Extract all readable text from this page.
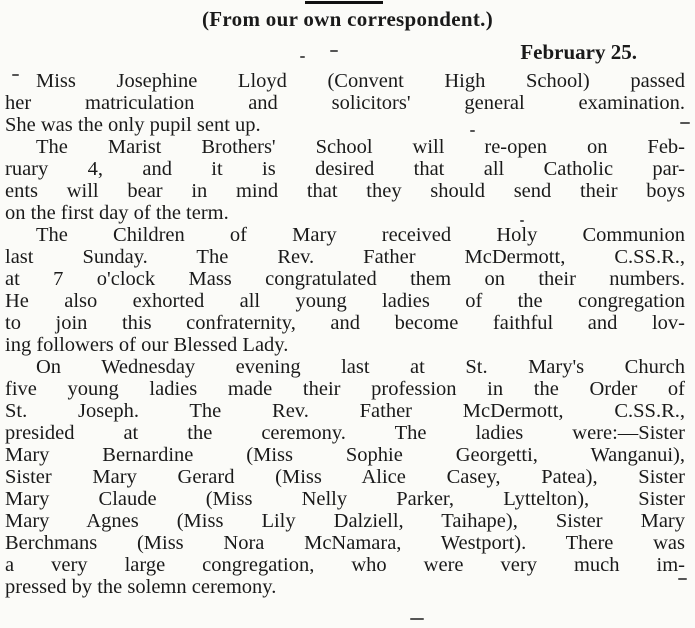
(From our own correspondent.)
February 25.
Miss Josephine Lloyd (Convent High School) passed
her matriculation and solicitors' general examination.
She was the only pupil sent up.
The Marist Brothers' School will re-open on Feb-
ruary 4, and it is desired that all Catholic par-
ents will bear in mind that they should send their boys
on the first day of the term.
The Children of Mary received Holy Communion
last Sunday. The Rev. Father McDermott, C.SS.R.,
at 7 o'clock Mass congratulated them on their numbers.
He also exhorted all young ladies of the congregation
to join this confraternity, and become faithful and lov-
ing followers of our Blessed Lady.
On Wednesday evening last at St. Mary's Church
five young ladies made their profession in the Order of
St. Joseph. The Rev. Father McDermott, C.SS.R.,
presided at the ceremony. The ladies were:—Sister
Mary Bernardine (Miss Sophie Georgetti, Wanganui),
Sister Mary Gerard (Miss Alice Casey, Patea), Sister
Mary Claude (Miss Nelly Parker, Lyttelton), Sister
Mary Agnes (Miss Lily Dalziell, Taihape), Sister Mary
Berchmans (Miss Nora McNamara, Westport). There was
a very large congregation, who were very much im-
pressed by the solemn ceremony.
